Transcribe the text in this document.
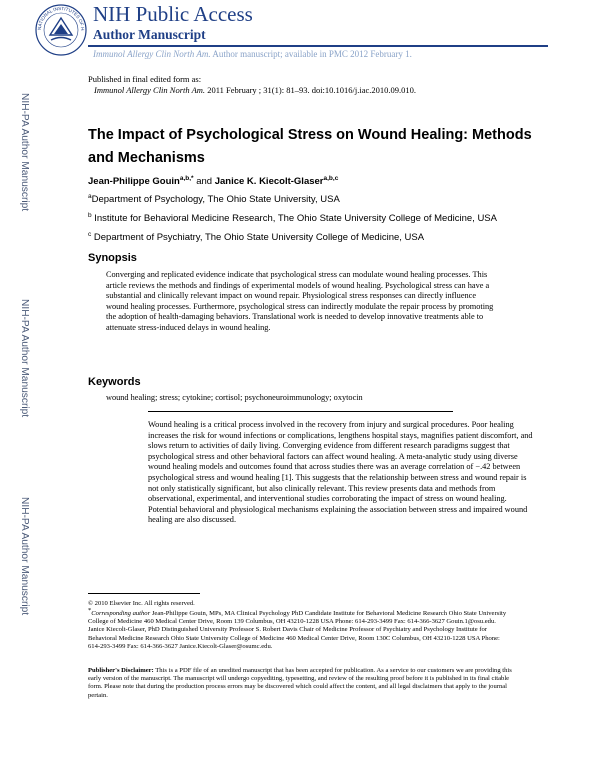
NATIONAL INSTITUTES OF H
NIH Public Access
Author Manuscript
Immunol Allergy Clin North Am. Author manuscript; available in PMC 2012 February 1.
Published in final edited form as:
Immunol Allergy Clin North Am. 2011 February ; 31(1): 81–93. doi:10.1016/j.iac.2010.09.010.
NIH-PA Author Manuscript
NIH-PA Author Manuscript
NIH-PA Author Manuscript
The Impact of Psychological Stress on Wound Healing: Methods and Mechanisms
Jean-Philippe Gouin$^{a,b,*}$ and Janice K. Kiecolt-Glaser$^{a,b,c}$
$^a$Department of Psychology, The Ohio State University, USA
$^b$ Institute for Behavioral Medicine Research, The Ohio State University College of Medicine, USA
$^c$ Department of Psychiatry, The Ohio State University College of Medicine, USA
Synopsis
Converging and replicated evidence indicate that psychological stress can modulate wound healing processes. This article reviews the methods and findings of experimental models of wound healing. Psychological stress can have a substantial and clinically relevant impact on wound repair. Physiological stress responses can directly influence wound healing processes. Furthermore, psychological stress can indirectly modulate the repair process by promoting the adoption of health-damaging behaviors. Translational work is needed to develop innovative treatments able to attenuate stress-induced delays in wound healing.
Keywords
wound healing; stress; cytokine; cortisol; psychoneuroimmunology; oxytocin
Wound healing is a critical process involved in the recovery from injury and surgical procedures. Poor healing increases the risk for wound infections or complications, lengthens hospital stays, magnifies patient discomfort, and slows return to activities of daily living. Converging evidence from different research paradigms suggest that psychological stress and other behavioral factors can affect wound healing. A meta-analytic study using diverse wound healing models and outcomes found that across studies there was an average correlation of −.42 between psychological stress and wound healing [1]. This suggests that the relationship between stress and wound repair is not only statistically significant, but also clinically relevant. This review presents data and methods from observational, experimental, and interventional studies corroborating the impact of stress on wound healing. Potential behavioral and physiological mechanisms explaining the association between stress and impaired wound healing are also discussed.
© 2010 Elsevier Inc. All rights reserved.
*Corresponding author Jean-Philippe Gouin, MPs, MA Clinical Psychology PhD Candidate Institute for Behavioral Medicine Research Ohio State University College of Medicine 460 Medical Center Drive, Room 139 Columbus, OH 43210-1228 USA Phone: 614-293-3499 Fax: 614-366-3627 Gouin.1@osu.edu. Janice Kiecolt-Glaser, PhD Distinguished University Professor S. Robert Davis Chair of Medicine Professor of Psychiatry and Psychology Institute for Behavioral Medicine Research Ohio State University College of Medicine 460 Medical Center Drive, Room 130C Columbus, OH 43210-1228 USA Phone: 614-293-3499 Fax: 614-366-3627 Janice.Kiecolt-Glaser@osumc.edu.
Publisher's Disclaimer: This is a PDF file of an unedited manuscript that has been accepted for publication. As a service to our customers we are providing this early version of the manuscript. The manuscript will undergo copyediting, typesetting, and review of the resulting proof before it is published in its final citable form. Please note that during the production process errors may be discovered which could affect the content, and all legal disclaimers that apply to the journal pertain.
